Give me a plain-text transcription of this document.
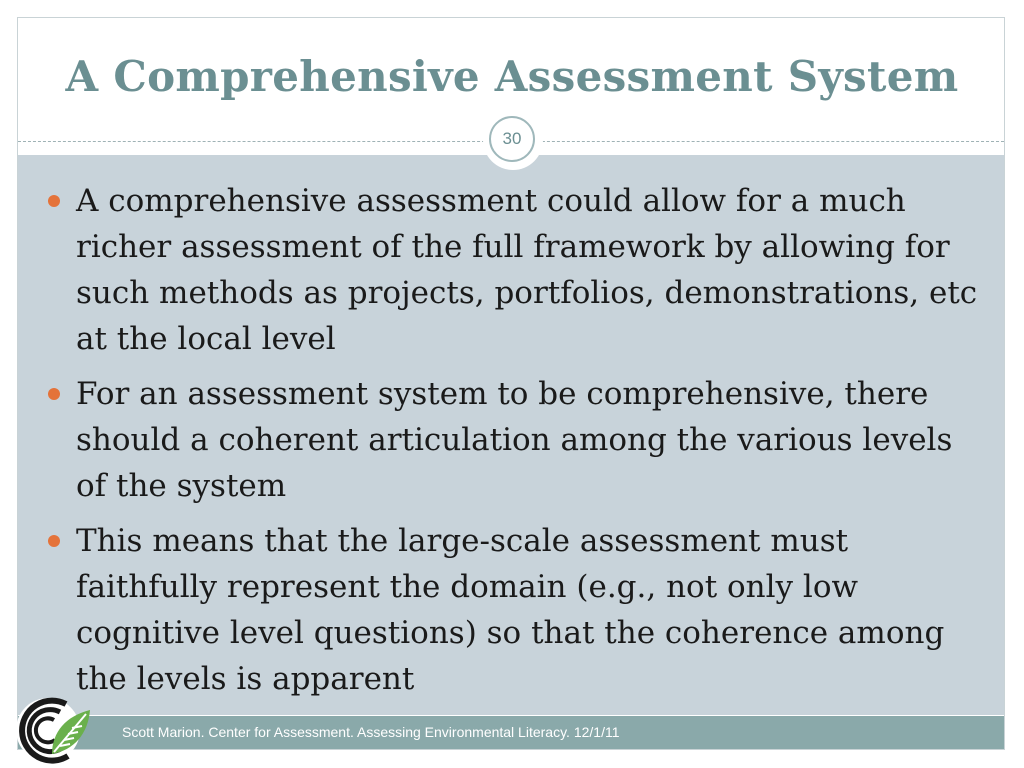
A Comprehensive Assessment System
30
A comprehensive assessment could allow for a much richer assessment of the full framework by allowing for such methods as projects, portfolios, demonstrations, etc at the local level
For an assessment system to be comprehensive, there should a coherent articulation among the various levels of the system
This means that the large-scale assessment must faithfully represent the domain (e.g., not only low cognitive level questions) so that the coherence among the levels is apparent
Scott Marion. Center for Assessment. Assessing Environmental Literacy. 12/1/11
